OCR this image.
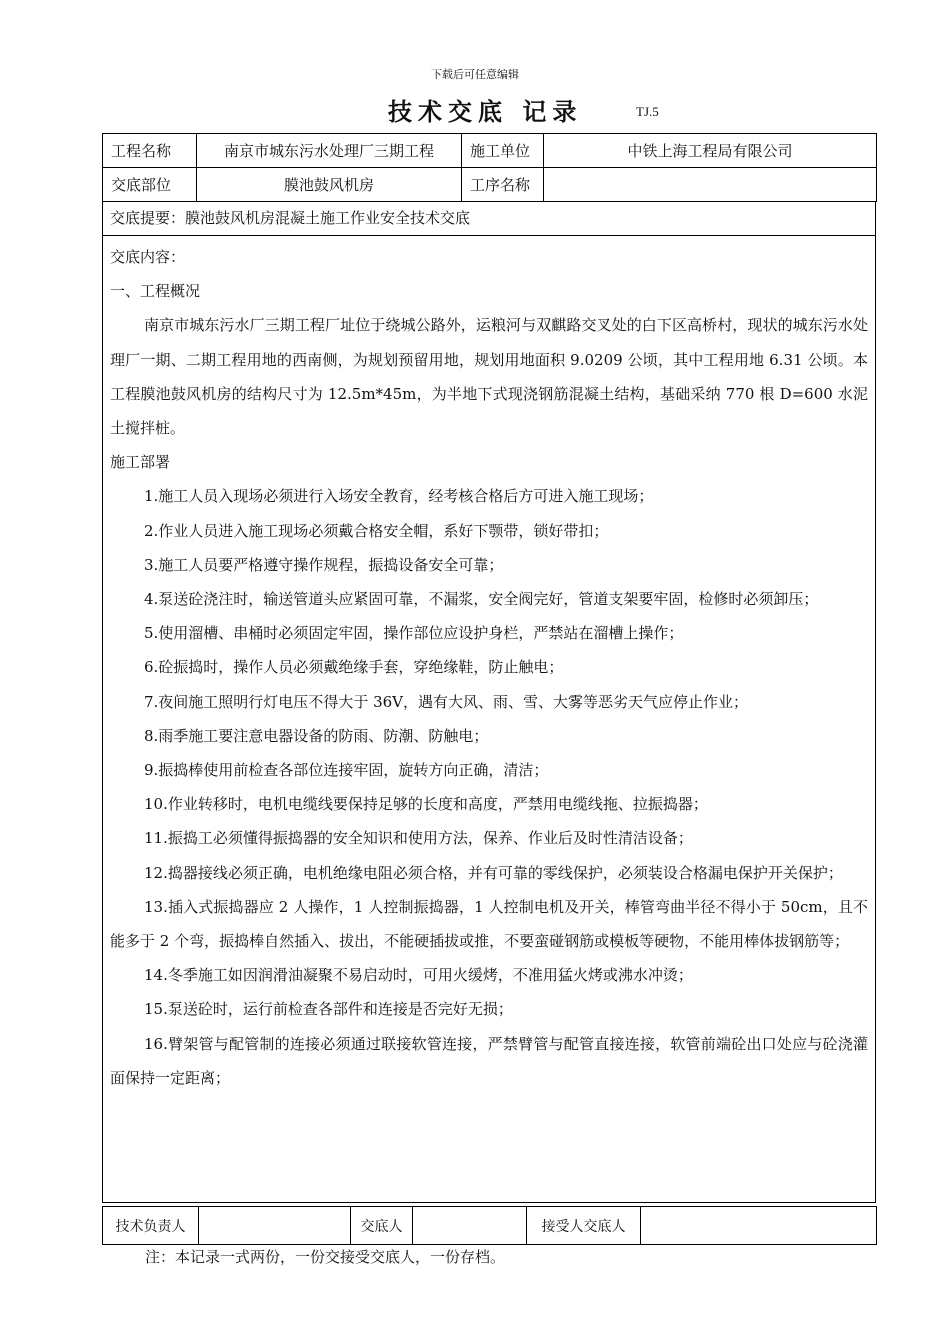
下载后可任意编辑
技术交底 记录	TJ.5
工程名称	南京市城东污水处理厂三期工程	施工单位	中铁上海工程局有限公司
交底部位	膜池鼓风机房	工序名称	
交底提要：膜池鼓风机房混凝土施工作业安全技术交底

交底内容：

一、工程概况

南京市城东污水厂三期工程厂址位于绕城公路外，运粮河与双麒路交叉处的白下区高桥村，现状的城东污水处理厂一期、二期工程用地的西南侧，为规划预留用地，规划用地面积 9.0209 公顷，其中工程用地 6.31 公顷。本工程膜池鼓风机房的结构尺寸为 12.5m*45m，为半地下式现浇钢筋混凝土结构，基础采纳 770 根 D=600 水泥土搅拌桩。

施工部署

1.施工人员入现场必须进行入场安全教育，经考核合格后方可进入施工现场；

2.作业人员进入施工现场必须戴合格安全帽，系好下颚带，锁好带扣；

3.施工人员要严格遵守操作规程，振捣设备安全可靠；

4.泵送砼浇注时，输送管道头应紧固可靠，不漏浆，安全阀完好，管道支架要牢固，检修时必须卸压；

5.使用溜槽、串桶时必须固定牢固，操作部位应设护身栏，严禁站在溜槽上操作；

6.砼振捣时，操作人员必须戴绝缘手套，穿绝缘鞋，防止触电；

7.夜间施工照明行灯电压不得大于 36V，遇有大风、雨、雪、大雾等恶劣天气应停止作业；

8.雨季施工要注意电器设备的防雨、防潮、防触电；

9.振捣棒使用前检查各部位连接牢固，旋转方向正确，清洁；

10.作业转移时，电机电缆线要保持足够的长度和高度，严禁用电缆线拖、拉振捣器；

11.振捣工必须懂得振捣器的安全知识和使用方法，保养、作业后及时性清洁设备；

12.捣器接线必须正确，电机绝缘电阻必须合格，并有可靠的零线保护，必须装设合格漏电保护开关保护；

13.插入式振捣器应 2 人操作，1 人控制振捣器，1 人控制电机及开关，棒管弯曲半径不得小于 50cm，且不能多于 2 个弯，振捣棒自然插入、拔出，不能硬插拔或推，不要蛮碰钢筋或模板等硬物，不能用棒体拔钢筋等；

14.冬季施工如因润滑油凝聚不易启动时，可用火缓烤，不准用猛火烤或沸水冲烫；

15.泵送砼时，运行前检查各部件和连接是否完好无损；

16.臂架管与配管制的连接必须通过联接软管连接，严禁臂管与配管直接连接，软管前端砼出口处应与砼浇灌面保持一定距离；

技术负责人		交底人		接受人交底人	
注：本记录一式两份，一份交接受交底人，一份存档。
